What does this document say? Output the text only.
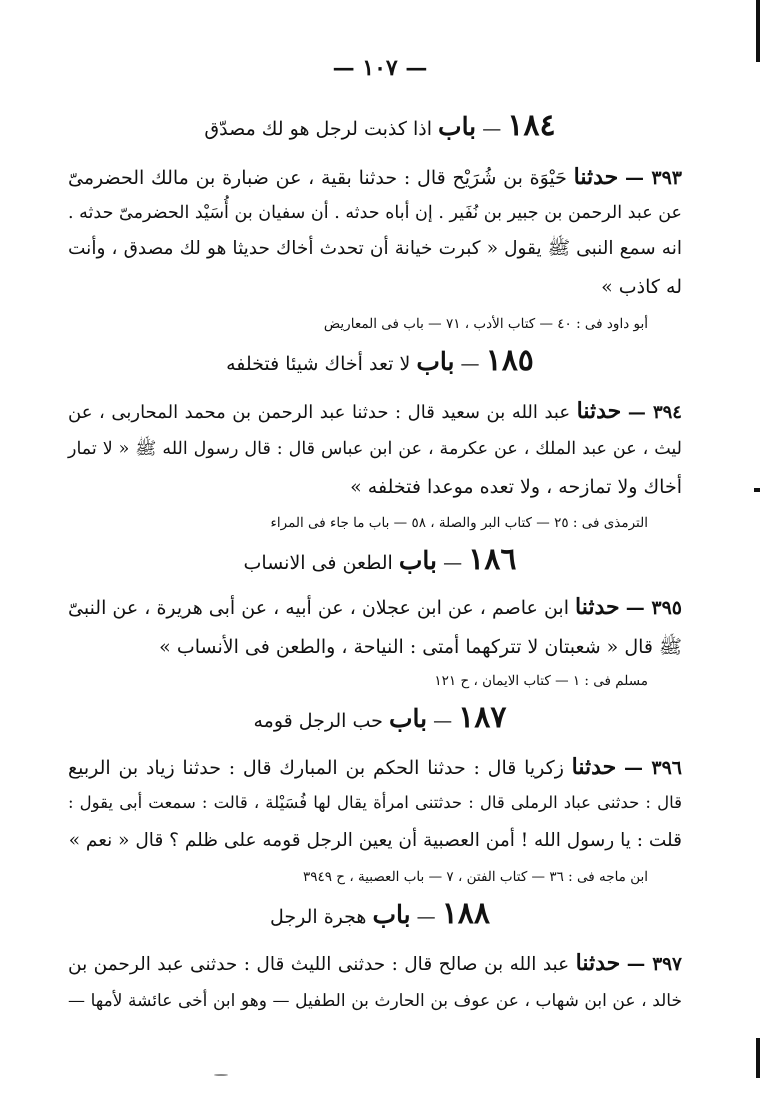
— ١٠٧ —
١٨٤ — باب اذا كذبت لرجل هو لك مصدّق
٣٩٣ — حدثنا حَيْوَة بن شُرَيْح قال : حدثنا بقية ، عن ضبارة بن مالك الحضرمىّ
عن عبد الرحمن بن جبير بن نُفَير . إن أباه حدثه . أن سفيان بن أُسَيْد الحضرمىّ حدثه .
انه سمع النبى ﷺ يقول « كبرت خيانة أن تحدث أخاك حديثا هو لك مصدق ، وأنت
له كاذب »
أبو داود فى : ٤٠ — كتاب الأدب ، ٧١ — باب فى المعاريض
١٨٥ — باب لا تعد أخاك شيئا فتخلفه
٣٩٤ — حدثنا عبد الله بن سعيد قال : حدثنا عبد الرحمن بن محمد المحاربى ، عن
ليث ، عن عبد الملك ، عن عكرمة ، عن ابن عباس قال : قال رسول الله ﷺ « لا تمار
أخاك ولا تمازحه ، ولا تعده موعدا فتخلفه »
الترمذى فى : ٢٥ — كتاب البر والصلة ، ٥٨ — باب ما جاء فى المراء
١٨٦ — باب الطعن فى الانساب
٣٩٥ — حدثنا ابن عاصم ، عن ابن عجلان ، عن أبيه ، عن أبى هريرة ، عن النبىّ
ﷺ قال « شعبتان لا تتركهما أمتى : النياحة ، والطعن فى الأنساب »
مسلم فى : ١ — كتاب الايمان ، ح ١٢١
١٨٧ — باب حب الرجل قومه
٣٩٦ — حدثنا زكريا قال : حدثنا الحكم بن المبارك قال : حدثنا زياد بن الربيع
قال : حدثنى عباد الرملى قال : حدثتنى امرأة يقال لها فُسَيْلة ، قالت : سمعت أبى يقول :
قلت : يا رسول الله ! أمن العصبية أن يعين الرجل قومه على ظلم ؟ قال « نعم »
ابن ماجه فى : ٣٦ — كتاب الفتن ، ٧ — باب العصبية ، ح ٣٩٤٩
١٨٨ — باب هجرة الرجل
٣٩٧ — حدثنا عبد الله بن صالح قال : حدثنى الليث قال : حدثنى عبد الرحمن بن
خالد ، عن ابن شهاب ، عن عوف بن الحارث بن الطفيل — وهو ابن أخى عائشة لأمها —
